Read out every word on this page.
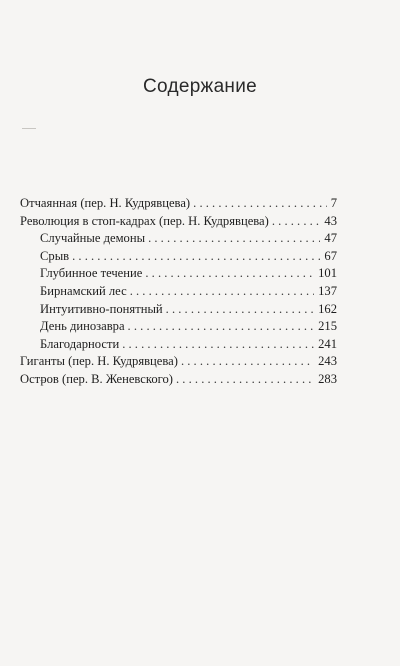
Содержание
Отчаянная (пер. Н. Кудрявцева) . . .	7
Революция в стоп-кадрах (пер. Н. Кудрявцева) . . .	43
Случайные демоны . . .	47
Срыв . . .	67
Глубинное течение . . .	101
Бирнамский лес . . .	137
Интуитивно-понятный . . .	162
День динозавра . . .	215
Благодарности . . .	241
Гиганты (пер. Н. Кудрявцева) . . .	243
Остров (пер. В. Женевского) . . .	283
